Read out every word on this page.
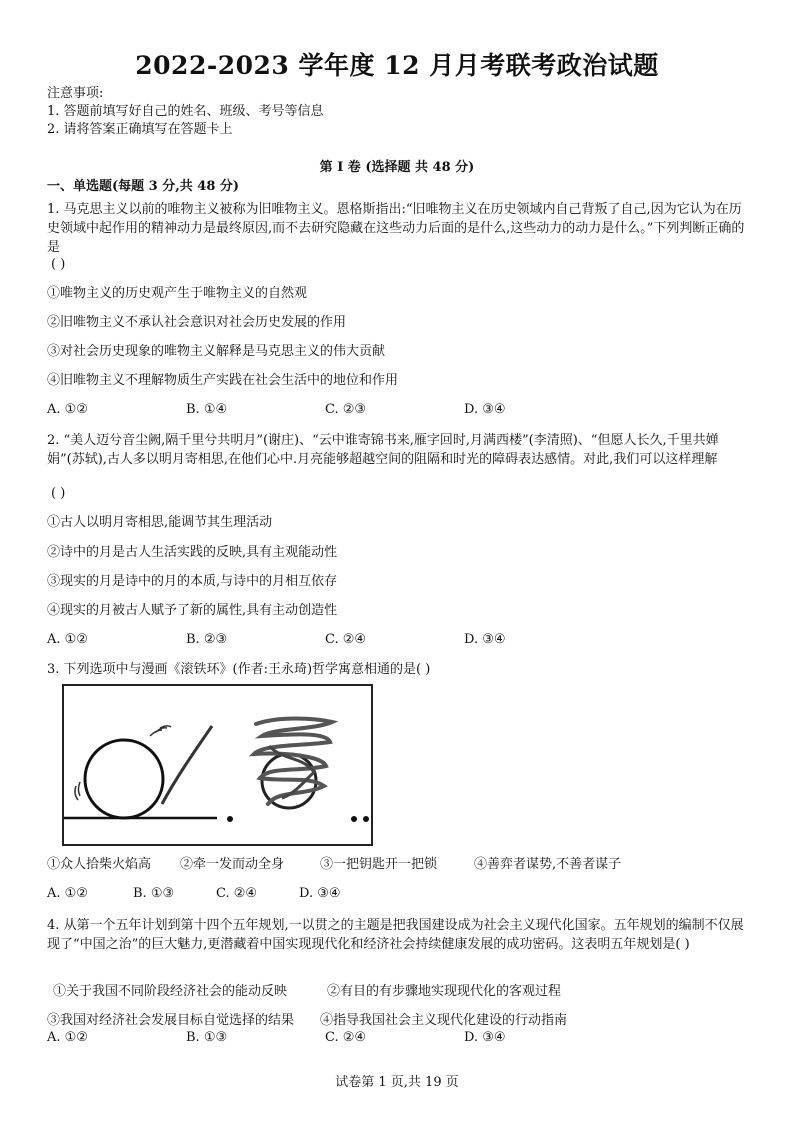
2022-2023 学年度 12 月月考联考政治试题
注意事项:
1. 答题前填写好自己的姓名、班级、考号等信息
2. 请将答案正确填写在答题卡上
第 I 卷 (选择题 共 48 分)
一、单选题(每题 3 分,共 48 分)
1. 马克思主义以前的唯物主义被称为旧唯物主义。恩格斯指出:“旧唯物主义在历史领域内自己背叛了自己,因为它认为在历史领域中起作用的精神动力是最终原因,而不去研究隐藏在这些动力后面的是什么,这些动力的动力是什么。”下列判断正确的是
( )
①唯物主义的历史观产生于唯物主义的自然观
②旧唯物主义不承认社会意识对社会历史发展的作用
③对社会历史现象的唯物主义解释是马克思主义的伟大贡献
④旧唯物主义不理解物质生产实践在社会生活中的地位和作用
A. ①②	B. ①④	C. ②③	D. ③④
2. “美人迈兮音尘阙,隔千里兮共明月”(谢庄)、“云中谁寄锦书来,雁字回时,月满西楼”(李清照)、“但愿人长久,千里共婵娟”(苏轼),古人多以明月寄相思,在他们心中.月亮能够超越空间的阻隔和时光的障碍表达感情。对此,我们可以这样理解
( )
①古人以明月寄相思,能调节其生理活动
②诗中的月是古人生活实践的反映,具有主观能动性
③现实的月是诗中的月的本质,与诗中的月相互依存
④现实的月被古人赋予了新的属性,具有主动创造性
A. ①②	B. ②③	C. ②④	D. ③④
3. 下列选项中与漫画《滚铁环》(作者:王永琦)哲学寓意相通的是( )
①众人拾柴火焰高 ②牵一发而动全身	③一把钥匙开一把锁	④善弈者谋势,不善者谋子
A. ①②	B. ①③	C. ②④	D. ③④
4. 从第一个五年计划到第十四个五年规划,一以贯之的主题是把我国建设成为社会主义现代化国家。五年规划的编制不仅展现了“中国之治”的巨大魅力,更潜藏着中国实现现代化和经济社会持续健康发展的成功密码。这表明五年规划是( )
①关于我国不同阶段经济社会的能动反映	②有目的有步骤地实现现代化的客观过程
③我国对经济社会发展目标自觉选择的结果 ④指导我国社会主义现代化建设的行动指南
A. ①②	B. ①③	C. ②④	D. ③④
试卷第 1 页,共 19 页
